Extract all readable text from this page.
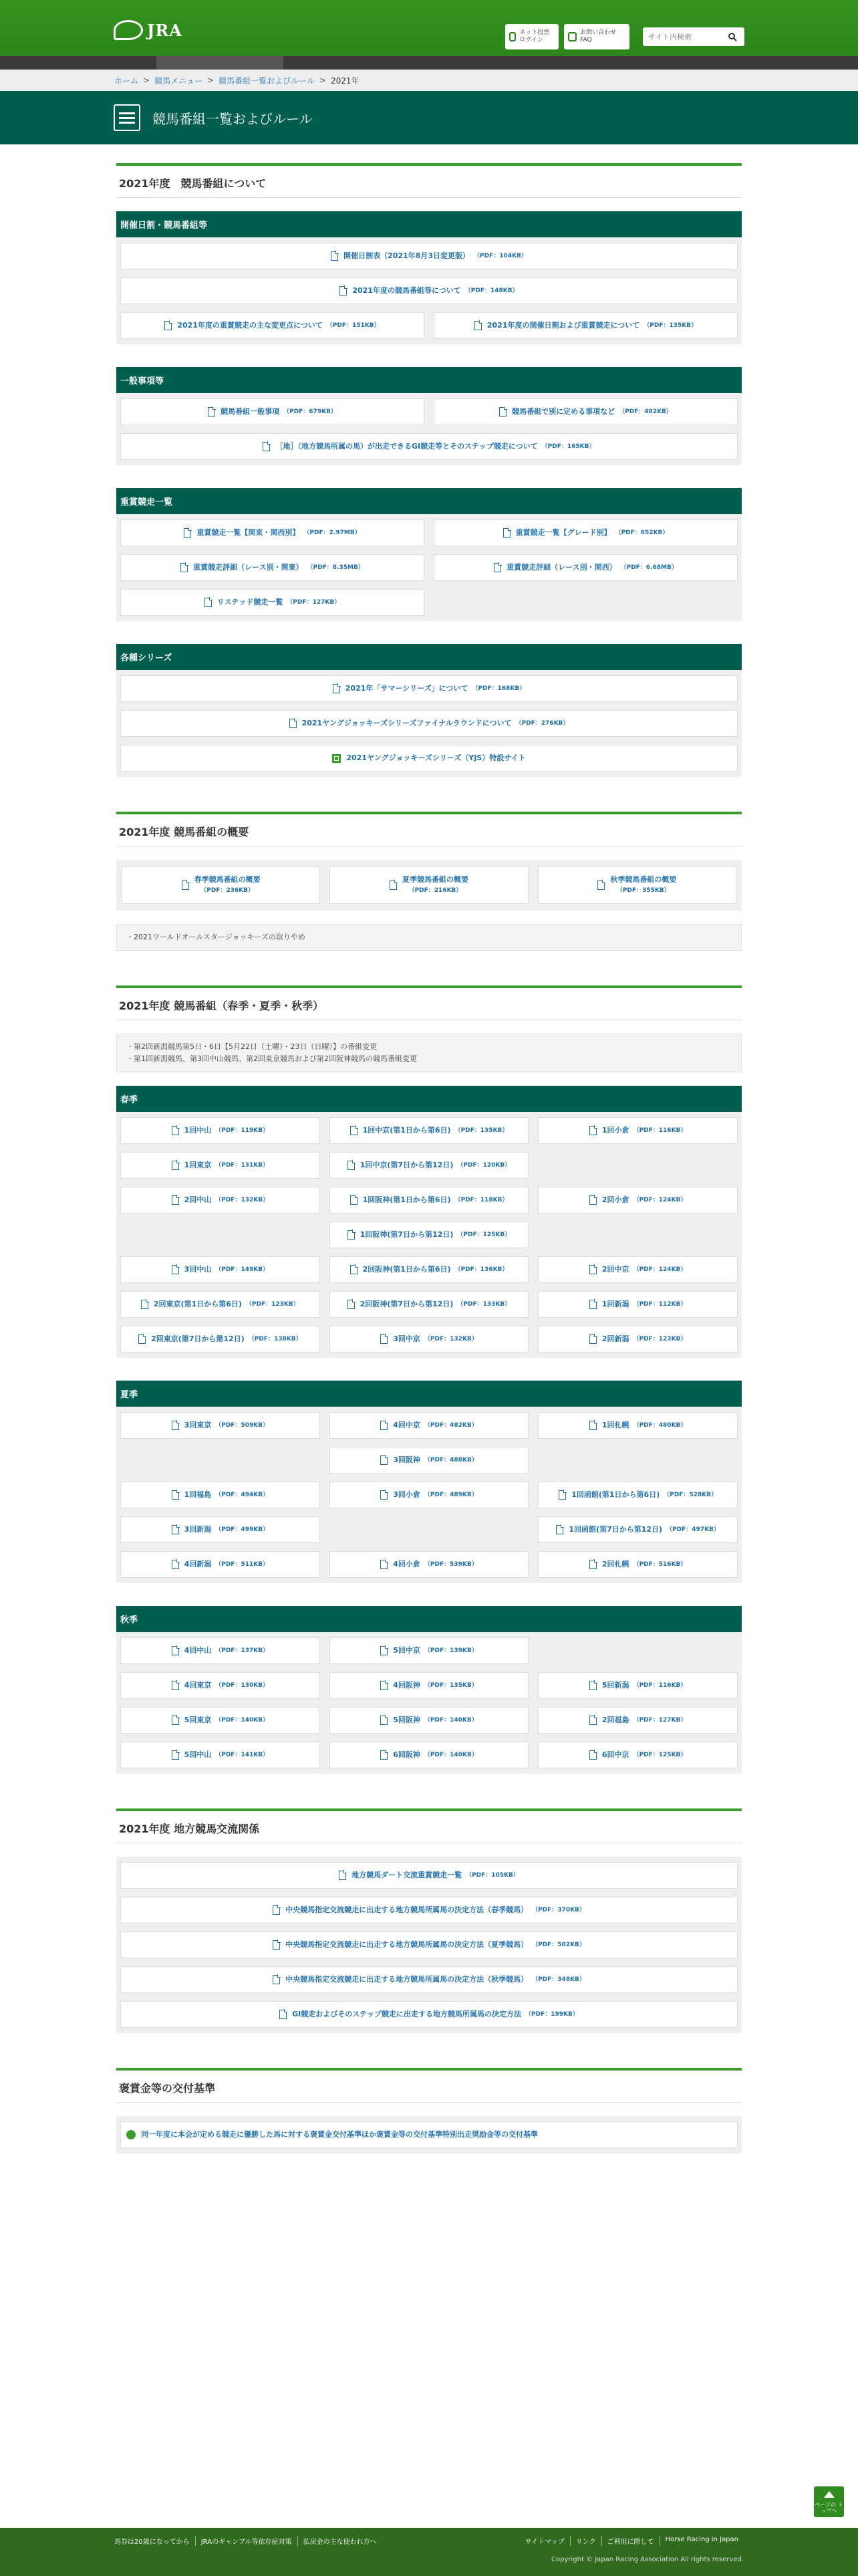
JRA	ネット投票 ログイン
お問い合わせ FAQ
サイト内検索
ホーム > 競馬メニュー > 競馬番組一覧およびルール > 2021年
競馬番組一覧およびルール
2021年度　競馬番組について
開催日割・競馬番組等
開催日割表（2021年8月3日変更版） （PDF：104KB）
2021年度の競馬番組等について （PDF：148KB）
2021年度の重賞競走の主な変更点について （PDF：151KB）	2021年度の開催日割および重賞競走について （PDF：135KB）
一般事項等
競馬番組一般事項 （PDF：679KB）	競馬番組で別に定める事項など （PDF：482KB）
［地］（地方競馬所属の馬）が出走できるGI競走等とそのステップ競走について （PDF：165KB）
重賞競走一覧
重賞競走一覧【関東・関西別】 （PDF：2.97MB）	重賞競走一覧【グレード別】 （PDF：652KB）
重賞競走評細（レース別・関東） （PDF：8.35MB）	重賞競走評細（レース別・関西） （PDF：6.68MB）
リステッド競走一覧 （PDF：127KB）
各種シリーズ
2021年「サマーシリーズ」について （PDF：168KB）
2021ヤングジョッキーズシリーズファイナルラウンドについて （PDF：276KB）
2021ヤングジョッキーズシリーズ（YJS）特設サイト
2021年度 競馬番組の概要
春季競馬番組の概要
（PDF：236KB）
夏季競馬番組の概要
（PDF：216KB）
秋季競馬番組の概要
（PDF：355KB）
・ 2021ワールドオールスタージョッキーズの取りやめ
2021年度 競馬番組（春季・夏季・秋季）
・ 第2回新潟競馬第5日・6日【5月22日（土曜）・23日（日曜）】の番組変更
・ 第1回新潟競馬、第3回中山競馬、第2回東京競馬および第2回阪神競馬の競馬番組変更
春季
1回中山 （PDF：119KB）	1回中京(第1日から第6日) （PDF：135KB）	1回小倉 （PDF：116KB）
1回東京 （PDF：131KB）	1回中京(第7日から第12日) （PDF：120KB）
2回中山 （PDF：132KB）	1回阪神(第1日から第6日) （PDF：118KB）	2回小倉 （PDF：124KB）
1回阪神(第7日から第12日) （PDF：125KB）
3回中山 （PDF：149KB）	2回阪神(第1日から第6日) （PDF：136KB）	2回中京 （PDF：124KB）
2回東京(第1日から第6日) （PDF：123KB）	2回阪神(第7日から第12日) （PDF：133KB）	1回新潟 （PDF：112KB）
2回東京(第7日から第12日) （PDF：138KB）	3回中京 （PDF：132KB）	2回新潟 （PDF：123KB）
夏季
3回東京 （PDF：509KB）	4回中京 （PDF：482KB）	1回札幌 （PDF：480KB）
3回阪神 （PDF：488KB）
1回福島 （PDF：494KB）	3回小倉 （PDF：489KB）	1回函館(第1日から第6日) （PDF：528KB）
3回新潟 （PDF：499KB）	1回函館(第7日から第12日) （PDF：497KB）
4回新潟 （PDF：511KB）	4回小倉 （PDF：539KB）	2回札幌 （PDF：516KB）
秋季
4回中山 （PDF：137KB）	5回中京 （PDF：139KB）
4回東京 （PDF：130KB）	4回阪神 （PDF：135KB）	5回新潟 （PDF：116KB）
5回東京 （PDF：140KB）	5回阪神 （PDF：140KB）	2回福島 （PDF：127KB）
5回中山 （PDF：141KB）	6回阪神 （PDF：140KB）	6回中京 （PDF：125KB）
2021年度 地方競馬交流関係
地方競馬ダート交流重賞競走一覧 （PDF：105KB）
中央競馬指定交流競走に出走する地方競馬所属馬の決定方法（春季競馬） （PDF：370KB）
中央競馬指定交流競走に出走する地方競馬所属馬の決定方法（夏季競馬） （PDF：502KB）
中央競馬指定交流競走に出走する地方競馬所属馬の決定方法（秋季競馬） （PDF：348KB）
GI競走およびそのステップ競走に出走する地方競馬所属馬の決定方法 （PDF：199KB）
褒賞金等の交付基準
同一年度に本会が定める競走に優勝した馬に対する褒賞金交付基準ほか褒賞金等の交付基準特別出走奨励金等の交付基準
ページの トップへ
馬券は20歳になってから	JRAのギャンブル等依存症対策	払戻金の主な使われ方へ	サイトマップ	リンク	ご利用に際して	Horse Racing in Japan
Copyright © Japan Racing Association All rights reserved.
